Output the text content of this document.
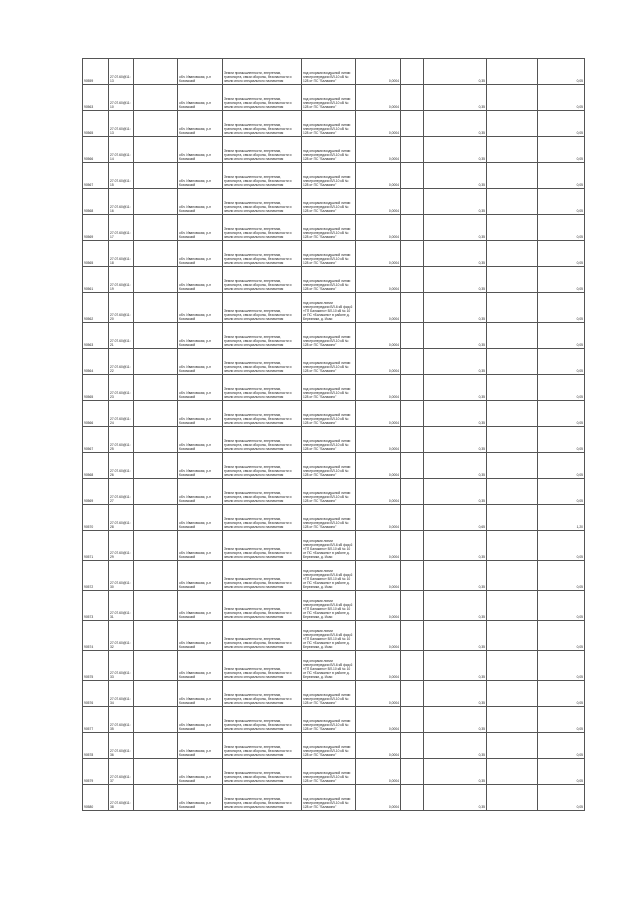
90559	27.07.60@11:13		обл. Ивановская, р-н Кохомский	Земли промышленности, энергетики, транспорта, связи обороны, безопасности и земли иного специального назначения	под опорами воздушной линии электропередачи ВЛ-10 кВ № 128 от ПС "Балакино"	0,0004		0,35		0,05
90563	27.07.60@11:10		обл. Ивановская, р-н Кохомский	Земли промышленности, энергетики, транспорта, связи обороны, безопасности и земли иного специального назначения	под опорами воздушной линии электропередачи ВЛ-10 кВ № 128 от ПС "Балакино"	0,0004		0,35		0,05
90565	27.07.60@11:13		обл. Ивановская, р-н Кохомский	Земли промышленности, энергетики, транспорта, связи обороны, безопасности и земли иного специального назначения	под опорами воздушной линии электропередачи ВЛ-10 кВ № 128 от ПС "Балакино"	0,0004		0,35		0,05
90566	27.07.60@11:14		обл. Ивановская, р-н Кохомский	Земли промышленности, энергетики, транспорта, связи обороны, безопасности и земли иного специального назначения	под опорами воздушной линии электропередачи ВЛ-10 кВ № 128 от ПС "Балакино"	0,0004		0,35		0,05
90567	27.07.60@11:15		обл. Ивановская, р-н Кохомский	Земли промышленности, энергетики, транспорта, связи обороны, безопасности и земли иного специального назначения	под опорами воздушной линии электропередачи ВЛ-10 кВ № 128 от ПС "Балакино"	0,0004		0,35		0,05
90568	27.07.60@11:16		обл. Ивановская, р-н Кохомский	Земли промышленности, энергетики, транспорта, связи обороны, безопасности и земли иного специального назначения	под опорами воздушной линии электропередачи ВЛ-10 кВ № 128 от ПС "Балакино"	0,0004		0,35		0,05
90569	27.07.60@11:17		обл. Ивановская, р-н Кохомский	Земли промышленности, энергетики, транспорта, связи обороны, безопасности и земли иного специального назначения	под опорами воздушной линии электропередачи ВЛ-10 кВ № 128 от ПС "Балакино"	0,0004		0,35		0,05
90565	27.07.60@11:18		обл. Ивановская, р-н Кохомский	Земли промышленности, энергетики, транспорта, связи обороны, безопасности и земли иного специального назначения	под опорами воздушной линии электропередачи ВЛ-10 кВ № 128 от ПС "Балакино"	0,0004		0,35		0,05
90561	27.07.60@11:19		обл. Ивановская, р-н Кохомский	Земли промышленности, энергетики, транспорта, связи обороны, безопасности и земли иного специального назначения	под опорами воздушной линии электропередачи ВЛ-10 кВ № 128 от ПС "Балакино"	0,0004		0,35		0,05
90562	27.07.60@11:20		обл. Ивановская, р-н Кохомский	Земли промышленности, энергетики, транспорта, связи обороны, безопасности и земли иного специального назначения	под опорами линии электропередачи ВЛ-6 кВ фид.6 «ТП Балакино» ВЛ-10 кВ № 10 от ПС «Балакино» в районе д. Березники, д. Исаи	0,0004		0,35		0,05
90563	27.07.60@11:21		обл. Ивановская, р-н Кохомский	Земли промышленности, энергетики, транспорта, связи обороны, безопасности и земли иного специального назначения	под опорами воздушной линии электропередачи ВЛ-10 кВ № 128 от ПС "Балакино"	0,0004		0,35		0,05
90564	27.07.60@11:22		обл. Ивановская, р-н Кохомский	Земли промышленности, энергетики, транспорта, связи обороны, безопасности и земли иного специального назначения	под опорами воздушной линии электропередачи ВЛ-10 кВ № 128 от ПС "Балакино"	0,0004		0,35		0,05
90565	27.07.60@11:23		обл. Ивановская, р-н Кохомский	Земли промышленности, энергетики, транспорта, связи обороны, безопасности и земли иного специального назначения	под опорами воздушной линии электропередачи ВЛ-10 кВ № 128 от ПС "Балакино"	0,0004		0,35		0,05
90566	27.07.60@11:24		обл. Ивановская, р-н Кохомский	Земли промышленности, энергетики, транспорта, связи обороны, безопасности и земли иного специального назначения	под опорами воздушной линии электропередачи ВЛ-10 кВ № 128 от ПС "Балакино"	0,0004		0,35		0,05
90567	27.07.60@11:25		обл. Ивановская, р-н Кохомский	Земли промышленности, энергетики, транспорта, связи обороны, безопасности и земли иного специального назначения	под опорами воздушной линии электропередачи ВЛ-10 кВ № 128 от ПС "Балакино"	0,0004		0,35		0,05
90568	27.07.60@11:26		обл. Ивановская, р-н Кохомский	Земли промышленности, энергетики, транспорта, связи обороны, безопасности и земли иного специального назначения	под опорами воздушной линии электропередачи ВЛ-10 кВ № 128 от ПС "Балакино"	0,0004		0,35		0,05
90569	27.07.60@11:27		обл. Ивановская, р-н Кохомский	Земли промышленности, энергетики, транспорта, связи обороны, безопасности и земли иного специального назначения	под опорами воздушной линии электропередачи ВЛ-10 кВ № 128 от ПС "Балакино"	0,0004		0,35		0,05
90570	27.07.60@11:28		обл. Ивановская, р-н Кохомский	Земли промышленности, энергетики, транспорта, связи обороны, безопасности и земли иного специального назначения	под опорами воздушной линии электропередачи ВЛ-10 кВ № 128 от ПС "Балакино"	0,0004		0,65		1,20
90571	27.07.60@11:29		обл. Ивановская, р-н Кохомский	Земли промышленности, энергетики, транспорта, связи обороны, безопасности и земли иного специального назначения	под опорами линии электропередачи ВЛ-6 кВ фид.6 «ТП Балакино» ВЛ-10 кВ № 10 от ПС «Балакино» в районе д. Березники, д. Исаи	0,0004		0,35		0,05
90572	27.07.60@11:30		обл. Ивановская, р-н Кохомский	Земли промышленности, энергетики, транспорта, связи обороны, безопасности и земли иного специального назначения	под опорами линии электропередачи ВЛ-6 кВ фид.6 «ТП Балакино» ВЛ-10 кВ № 10 от ПС «Балакино» в районе д. Березники, д. Исаи	0,0004		0,35		0,05
90573	27.07.60@11:31		обл. Ивановская, р-н Кохомский	Земли промышленности, энергетики, транспорта, связи обороны, безопасности и земли иного специального назначения	под опорами линии электропередачи ВЛ-6 кВ фид.6 «ТП Балакино» ВЛ-10 кВ № 10 от ПС «Балакино» в районе д. Березники, д. Исаи	0,0004		0,35		0,05
90574	27.07.60@11:32		обл. Ивановская, р-н Кохомский	Земли промышленности, энергетики, транспорта, связи обороны, безопасности и земли иного специального назначения	под опорами линии электропередачи ВЛ-6 кВ фид.6 «ТП Балакино» ВЛ-10 кВ № 10 от ПС «Балакино» в районе д. Березники, д. Исаи	0,0004		0,35		0,05
90575	27.07.60@11:33		обл. Ивановская, р-н Кохомский	Земли промышленности, энергетики, транспорта, связи обороны, безопасности и земли иного специального назначения	под опорами линии электропередачи ВЛ-6 кВ фид.6 «ТП Балакино» ВЛ-10 кВ № 10 от ПС «Балакино» в районе д. Березники, д. Исаи	0,0004		0,35		0,05
90576	27.07.60@11:34		обл. Ивановская, р-н Кохомский	Земли промышленности, энергетики, транспорта, связи обороны, безопасности и земли иного специального назначения	под опорами воздушной линии электропередачи ВЛ-10 кВ № 128 от ПС "Балакино"	0,0004		0,35		0,05
90577	27.07.60@11:35		обл. Ивановская, р-н Кохомский	Земли промышленности, энергетики, транспорта, связи обороны, безопасности и земли иного специального назначения	под опорами воздушной линии электропередачи ВЛ-10 кВ № 128 от ПС "Балакино"	0,0004		0,35		0,05
90578	27.07.60@11:36		обл. Ивановская, р-н Кохомский	Земли промышленности, энергетики, транспорта, связи обороны, безопасности и земли иного специального назначения	под опорами воздушной линии электропередачи ВЛ-10 кВ № 128 от ПС "Балакино"	0,0004		0,35		0,05
90579	27.07.60@11:37		обл. Ивановская, р-н Кохомский	Земли промышленности, энергетики, транспорта, связи обороны, безопасности и земли иного специального назначения	под опорами воздушной линии электропередачи ВЛ-10 кВ № 128 от ПС "Балакино"	0,0004		0,35		0,05
90580	27.07.60@11:38		обл. Ивановская, р-н Кохомский	Земли промышленности, энергетики, транспорта, связи обороны, безопасности и земли иного специального назначения	под опорами воздушной линии электропередачи ВЛ-10 кВ № 128 от ПС "Балакино"	0,0004		0,35		0,05
